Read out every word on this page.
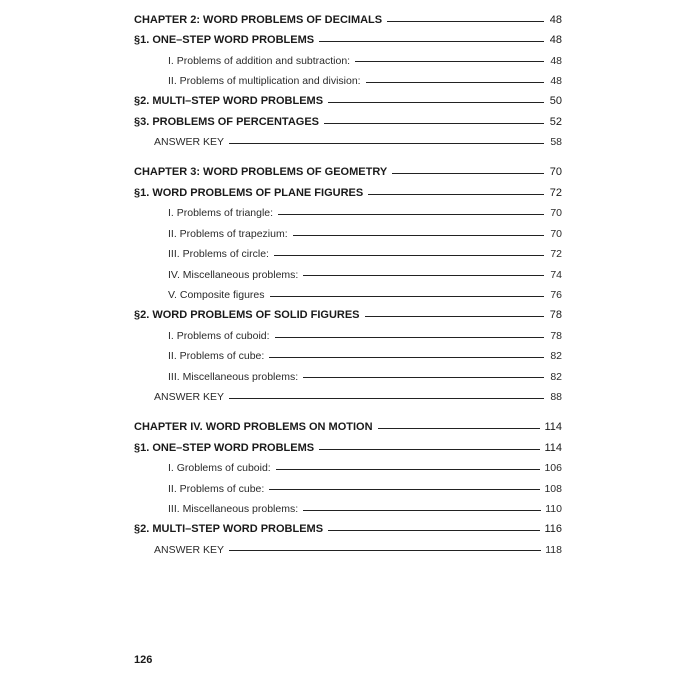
CHAPTER 2: WORD PROBLEMS OF DECIMALS	48
§1. ONE–STEP WORD PROBLEMS	48
I. Problems of addition and subtraction:	48
II. Problems of multiplication and division:	48
§2. MULTI–STEP WORD PROBLEMS	50
§3. PROBLEMS OF PERCENTAGES	52
ANSWER KEY	58
CHAPTER 3: WORD PROBLEMS OF GEOMETRY	70
§1. WORD PROBLEMS OF PLANE FIGURES	72
I. Problems of triangle:	70
II. Problems of trapezium:	70
III. Problems of circle:	72
IV. Miscellaneous problems:	74
V. Composite figures	76
§2. WORD PROBLEMS OF SOLID FIGURES	78
I. Problems of cuboid:	78
II. Problems of cube:	82
III. Miscellaneous problems:	82
ANSWER KEY	88
CHAPTER IV. WORD PROBLEMS ON MOTION	114
§1. ONE–STEP WORD PROBLEMS	114
I. Groblems of cuboid:	106
II. Problems of cube:	108
III. Miscellaneous problems:	110
§2. MULTI–STEP WORD PROBLEMS	116
ANSWER KEY	118
126
